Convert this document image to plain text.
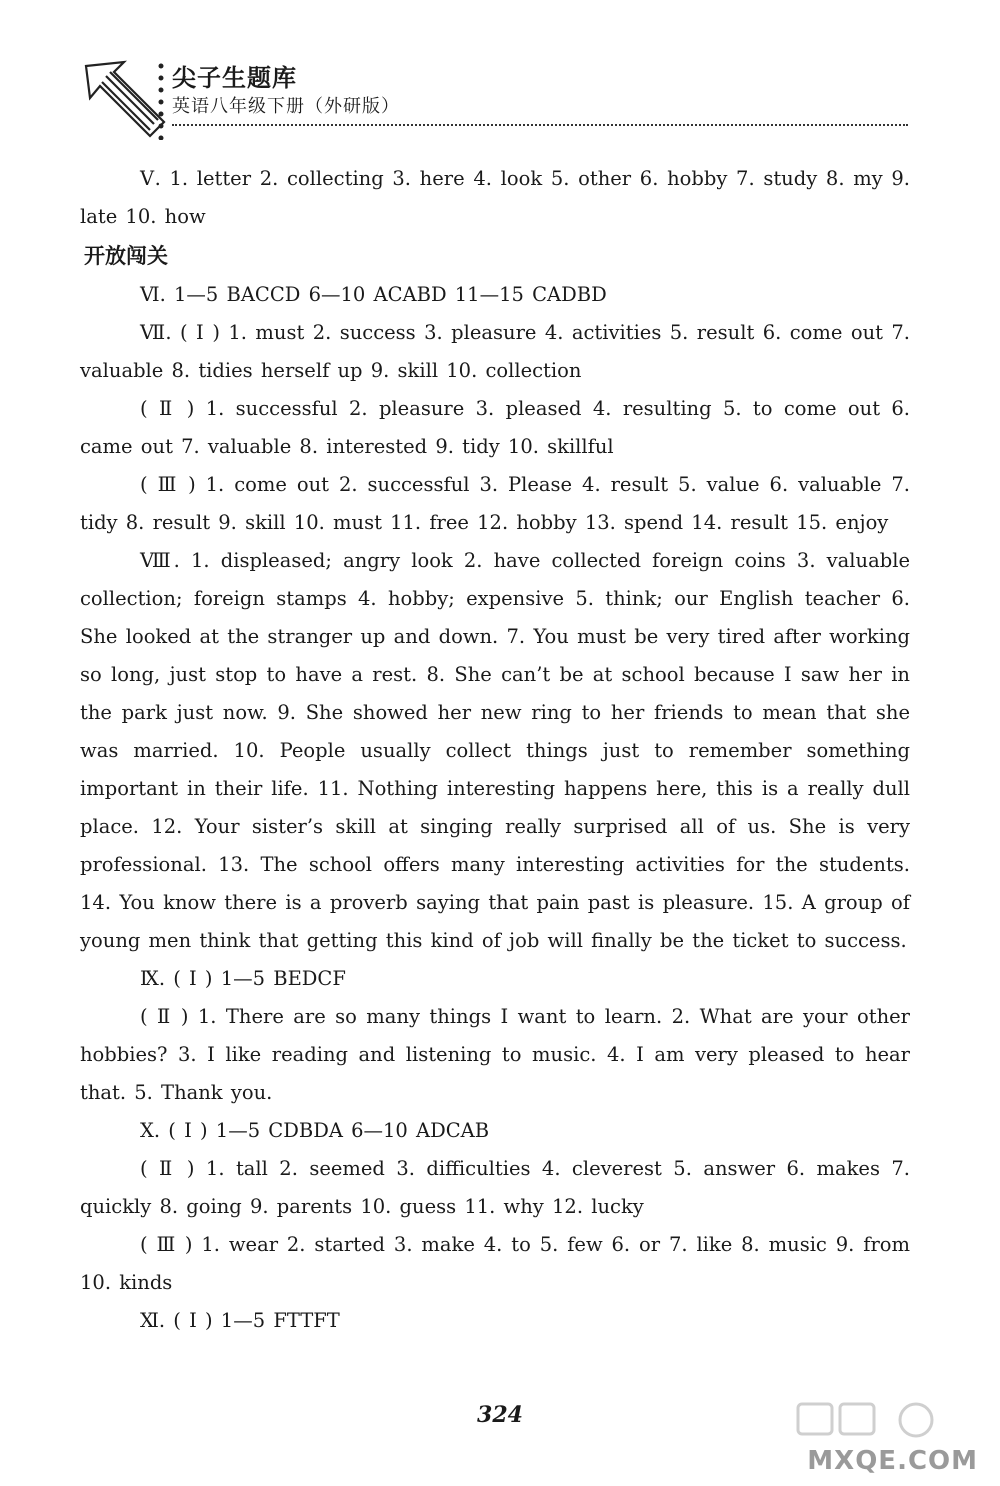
尖子生题库
英语八年级下册（外研版）

Ⅴ. 1. letter 2. collecting 3. here 4. look 5. other 6. hobby 7. study 8. my 9. late 10. how

开放闯关

Ⅵ. 1—5 BACCD 6—10 ACABD 11—15 CADBD

Ⅶ. ( Ⅰ ) 1. must 2. success 3. pleasure 4. activities 5. result 6. come out 7. valuable 8. tidies herself up 9. skill 10. collection

( Ⅱ ) 1. successful 2. pleasure 3. pleased 4. resulting 5. to come out 6. came out 7. valuable 8. interested 9. tidy 10. skillful

( Ⅲ ) 1. come out 2. successful 3. Please 4. result 5. value 6. valuable 7. tidy 8. result 9. skill 10. must 11. free 12. hobby 13. spend 14. result 15. enjoy

Ⅷ. 1. displeased; angry look 2. have collected foreign coins 3. valuable collection; foreign stamps 4. hobby; expensive 5. think; our English teacher 6. She looked at the stranger up and down. 7. You must be very tired after working so long, just stop to have a rest. 8. She can’t be at school because I saw her in the park just now. 9. She showed her new ring to her friends to mean that she was married. 10. People usually collect things just to remember something important in their life. 11. Nothing interesting happens here, this is a really dull place. 12. Your sister’s skill at singing really surprised all of us. She is very professional. 13. The school offers many interesting activities for the students. 14. You know there is a proverb saying that pain past is pleasure. 15. A group of young men think that getting this kind of job will finally be the ticket to success.

Ⅸ. ( Ⅰ ) 1—5 BEDCF

( Ⅱ ) 1. There are so many things I want to learn. 2. What are your other hobbies? 3. I like reading and listening to music. 4. I am very pleased to hear that. 5. Thank you.

Ⅹ. ( Ⅰ ) 1—5 CDBDA 6—10 ADCAB

( Ⅱ ) 1. tall 2. seemed 3. difficulties 4. cleverest 5. answer 6. makes 7. quickly 8. going 9. parents 10. guess 11. why 12. lucky

( Ⅲ ) 1. wear 2. started 3. make 4. to 5. few 6. or 7. like 8. music 9. from 10. kinds

Ⅺ. ( Ⅰ ) 1—5 FTTFT

324
MXQE.COM
